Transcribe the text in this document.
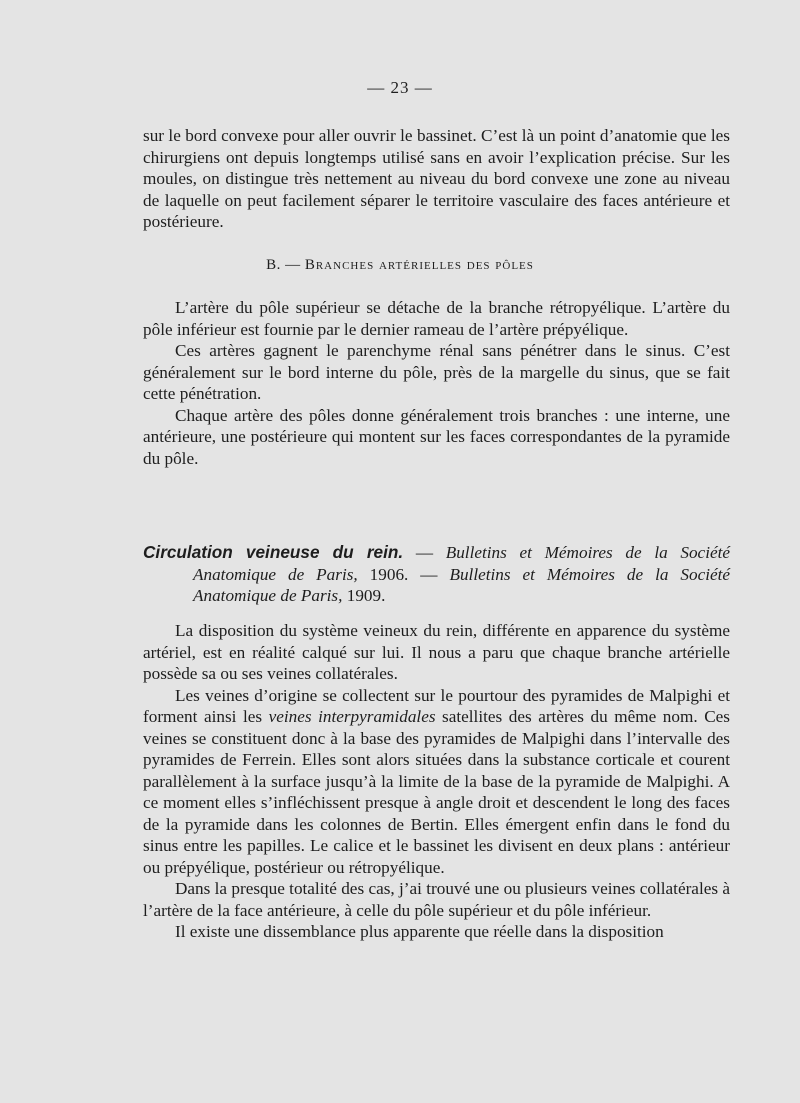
— 23 —

sur le bord convexe pour aller ouvrir le bassinet. C’est là un point d’anatomie que les chirurgiens ont depuis longtemps utilisé sans en avoir l’explication précise. Sur les moules, on distingue très nettement au niveau du bord convexe une zone au niveau de laquelle on peut facilement séparer le territoire vasculaire des faces antérieure et postérieure.

B. — Branches artérielles des pôles

L’artère du pôle supérieur se détache de la branche rétropyélique. L’artère du pôle inférieur est fournie par le dernier rameau de l’artère prépyélique.

Ces artères gagnent le parenchyme rénal sans pénétrer dans le sinus. C’est généralement sur le bord interne du pôle, près de la margelle du sinus, que se fait cette pénétration.

Chaque artère des pôles donne généralement trois branches : une interne, une antérieure, une postérieure qui montent sur les faces correspondantes de la pyramide du pôle.

Circulation veineuse du rein. — Bulletins et Mémoires de la Société
Anatomique de Paris, 1906. — Bulletins et Mémoires de la Société
Anatomique de Paris, 1909.

La disposition du système veineux du rein, différente en apparence du système artériel, est en réalité calqué sur lui. Il nous a paru que chaque branche artérielle possède sa ou ses veines collatérales.

Les veines d’origine se collectent sur le pourtour des pyramides de Malpighi et forment ainsi les veines interpyramidales satellites des artères du même nom. Ces veines se constituent donc à la base des pyramides de Malpighi dans l’intervalle des pyramides de Ferrein. Elles sont alors situées dans la substance corticale et courent parallèlement à la surface jusqu’à la limite de la base de la pyramide de Malpighi. A ce moment elles s’infléchissent presque à angle droit et descendent le long des faces de la pyramide dans les colonnes de Bertin. Elles émergent enfin dans le fond du sinus entre les papilles. Le calice et le bassinet les divisent en deux plans : antérieur ou prépyélique, postérieur ou rétropyélique.

Dans la presque totalité des cas, j’ai trouvé une ou plusieurs veines collatérales à l’artère de la face antérieure, à celle du pôle supérieur et du pôle inférieur.

Il existe une dissemblance plus apparente que réelle dans la disposition
